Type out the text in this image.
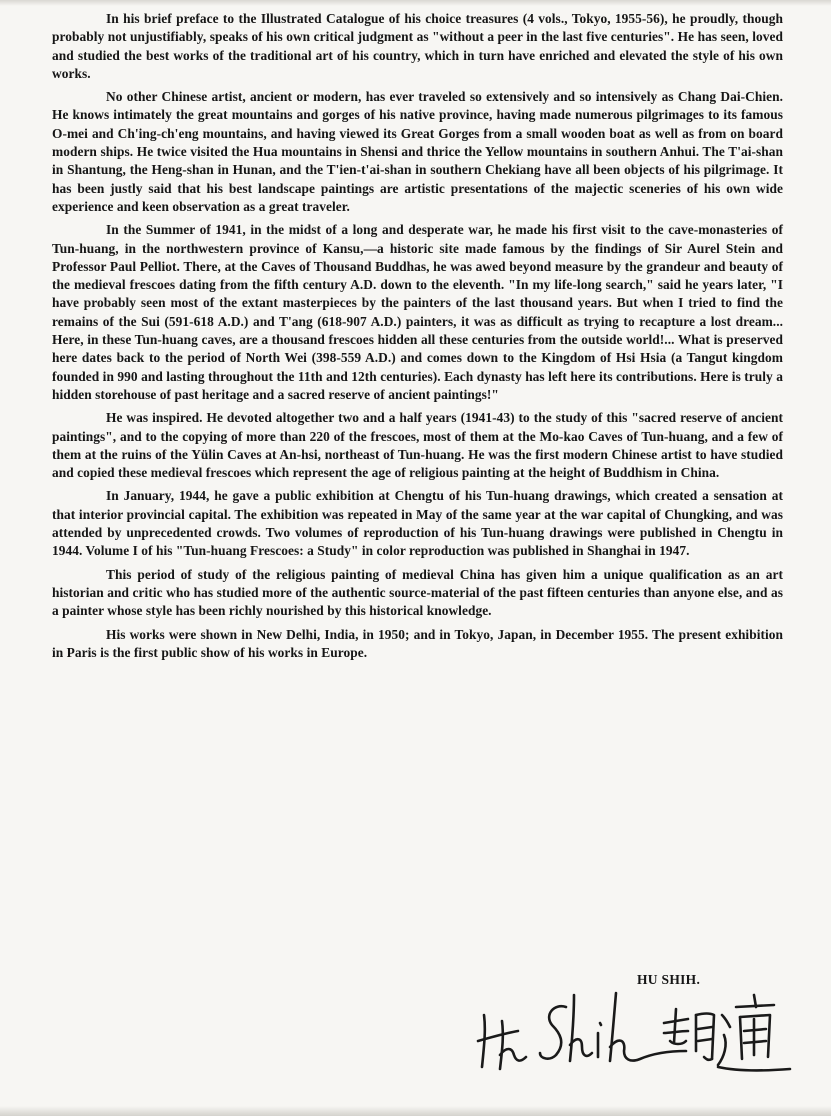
In his brief preface to the Illustrated Catalogue of his choice treasures (4 vols., Tokyo, 1955-56), he proudly, though probably not unjustifiably, speaks of his own critical judgment as "without a peer in the last five centuries". He has seen, loved and studied the best works of the traditional art of his country, which in turn have enriched and elevated the style of his own works.

No other Chinese artist, ancient or modern, has ever traveled so extensively and so intensively as Chang Dai-Chien. He knows intimately the great mountains and gorges of his native province, having made numerous pilgrimages to its famous O-mei and Ch'ing-ch'eng mountains, and having viewed its Great Gorges from a small wooden boat as well as from on board modern ships. He twice visited the Hua mountains in Shensi and thrice the Yellow mountains in southern Anhui. The T'ai-shan in Shantung, the Heng-shan in Hunan, and the T'ien-t'ai-shan in southern Chekiang have all been objects of his pilgrimage. It has been justly said that his best landscape paintings are artistic presentations of the majectic sceneries of his own wide experience and keen observation as a great traveler.

In the Summer of 1941, in the midst of a long and desperate war, he made his first visit to the cave-monasteries of Tun-huang, in the northwestern province of Kansu,—a historic site made famous by the findings of Sir Aurel Stein and Professor Paul Pelliot. There, at the Caves of Thousand Buddhas, he was awed beyond measure by the grandeur and beauty of the medieval frescoes dating from the fifth century A.D. down to the eleventh. "In my life-long search," said he years later, "I have probably seen most of the extant masterpieces by the painters of the last thousand years. But when I tried to find the remains of the Sui (591-618 A.D.) and T'ang (618-907 A.D.) painters, it was as difficult as trying to recapture a lost dream... Here, in these Tun-huang caves, are a thousand frescoes hidden all these centuries from the outside world!... What is preserved here dates back to the period of North Wei (398-559 A.D.) and comes down to the Kingdom of Hsi Hsia (a Tangut kingdom founded in 990 and lasting throughout the 11th and 12th centuries). Each dynasty has left here its contributions. Here is truly a hidden storehouse of past heritage and a sacred reserve of ancient paintings!"

He was inspired. He devoted altogether two and a half years (1941-43) to the study of this "sacred reserve of ancient paintings", and to the copying of more than 220 of the frescoes, most of them at the Mo-kao Caves of Tun-huang, and a few of them at the ruins of the Yülin Caves at An-hsi, northeast of Tun-huang. He was the first modern Chinese artist to have studied and copied these medieval frescoes which represent the age of religious painting at the height of Buddhism in China.

In January, 1944, he gave a public exhibition at Chengtu of his Tun-huang drawings, which created a sensation at that interior provincial capital. The exhibition was repeated in May of the same year at the war capital of Chungking, and was attended by unprecedented crowds. Two volumes of reproduction of his Tun-huang drawings were published in Chengtu in 1944. Volume I of his "Tun-huang Frescoes: a Study" in color reproduction was published in Shanghai in 1947.

This period of study of the religious painting of medieval China has given him a unique qualification as an art historian and critic who has studied more of the authentic source-material of the past fifteen centuries than anyone else, and as a painter whose style has been richly nourished by this historical knowledge.

His works were shown in New Delhi, India, in 1950; and in Tokyo, Japan, in December 1955. The present exhibition in Paris is the first public show of his works in Europe.

HU SHIH.
